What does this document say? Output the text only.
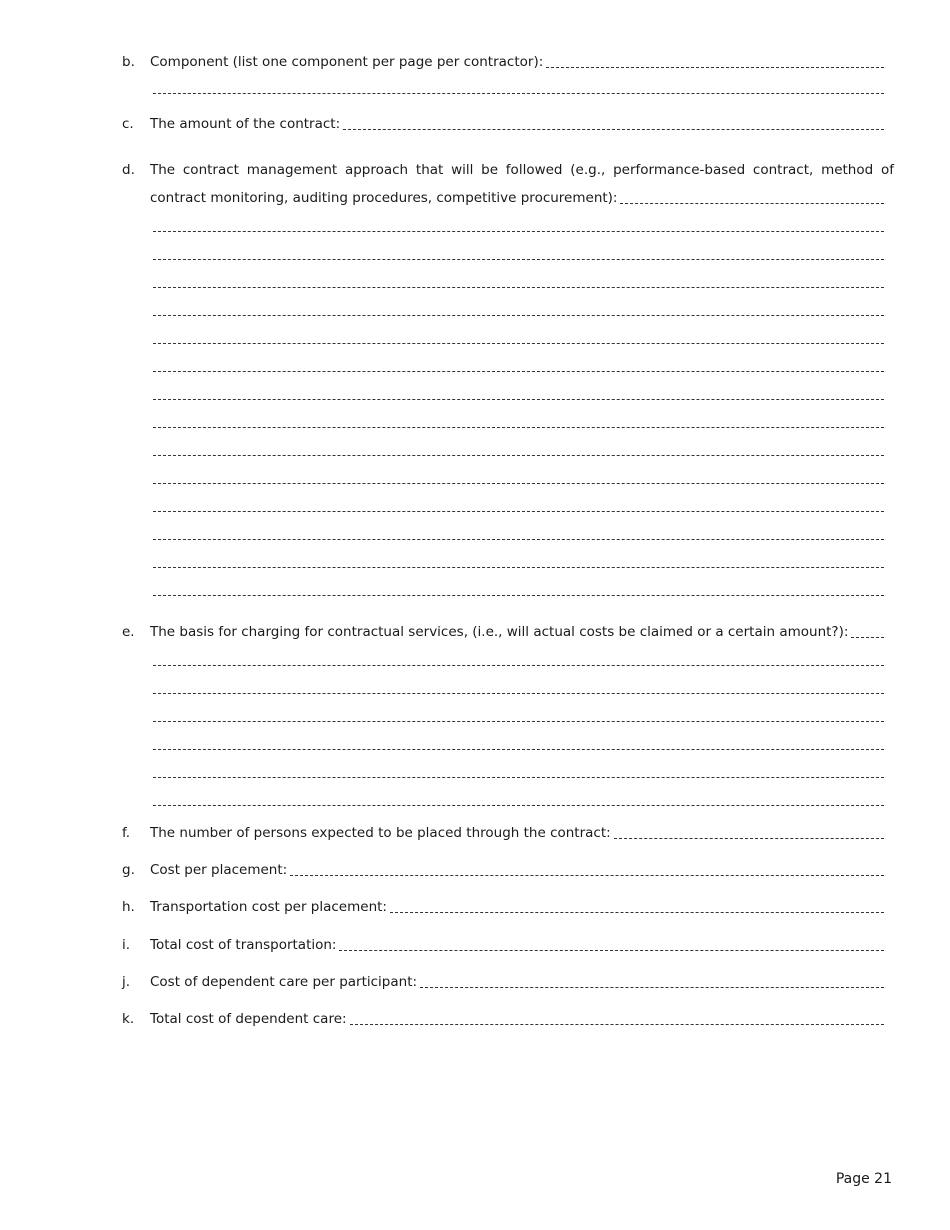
b.	Component (list one component per page per contractor):
c.	The amount of the contract:
d.	The contract management approach that will be followed (e.g., performance-based contract, method of
contract monitoring, auditing procedures, competitive procurement):
e.	The basis for charging for contractual services, (i.e., will actual costs be claimed or a certain amount?):
f.	The number of persons expected to be placed through the contract:
g.	Cost per placement:
h.	Transportation cost per placement:
i.	Total cost of transportation:
j.	Cost of dependent care per participant:
k.	Total cost of dependent care:
Page 21
